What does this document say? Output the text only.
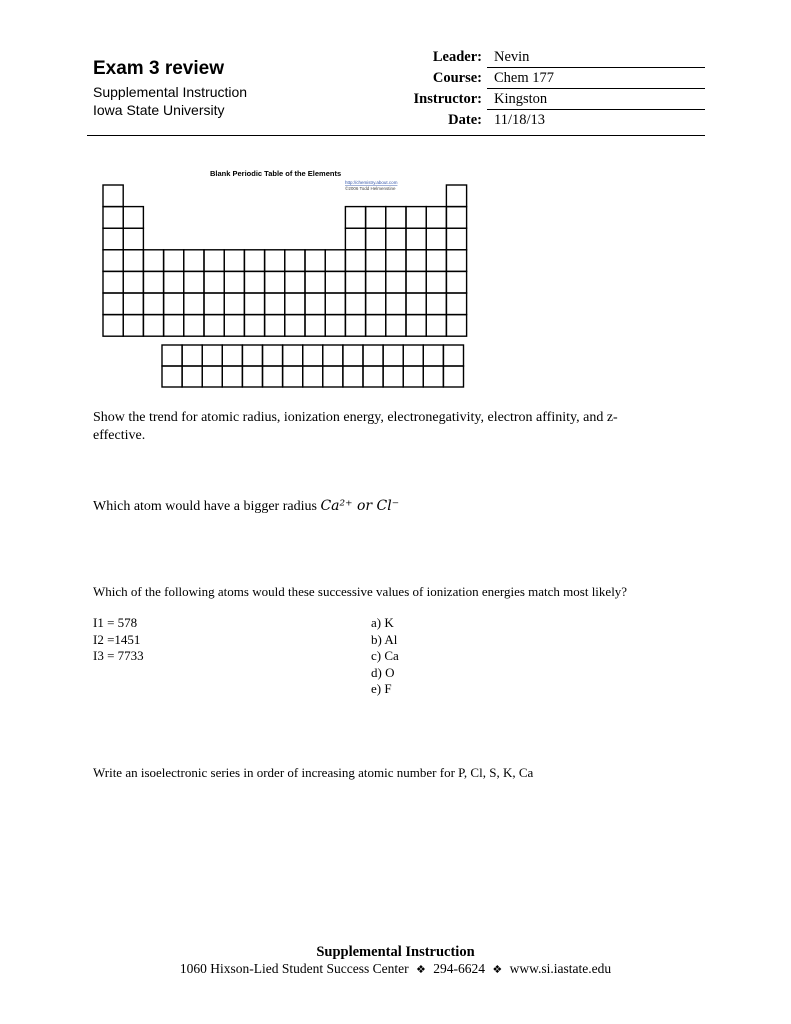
Exam 3 review
Supplemental Instruction
Iowa State University
Leader: Nevin
Course: Chem 177
Instructor: Kingston
Date: 11/18/13
Blank Periodic Table of the Elements
http://chemistry.about.com
©2006 Todd Helmenstine
Show the trend for atomic radius, ionization energy, electronegativity, electron affinity, and z-
effective.
Which atom would have a bigger radius Ca²⁺ or Cl⁻
Which of the following atoms would these successive values of ionization energies match most likely?
I1 = 578
I2 =1451
I3 = 7733
a) K
b) Al
c) Ca
d) O
e) F
Write an isoelectronic series in order of increasing atomic number for P, Cl, S, K, Ca
Supplemental Instruction
1060 Hixson-Lied Student Success Center ❖ 294-6624 ❖ www.si.iastate.edu
